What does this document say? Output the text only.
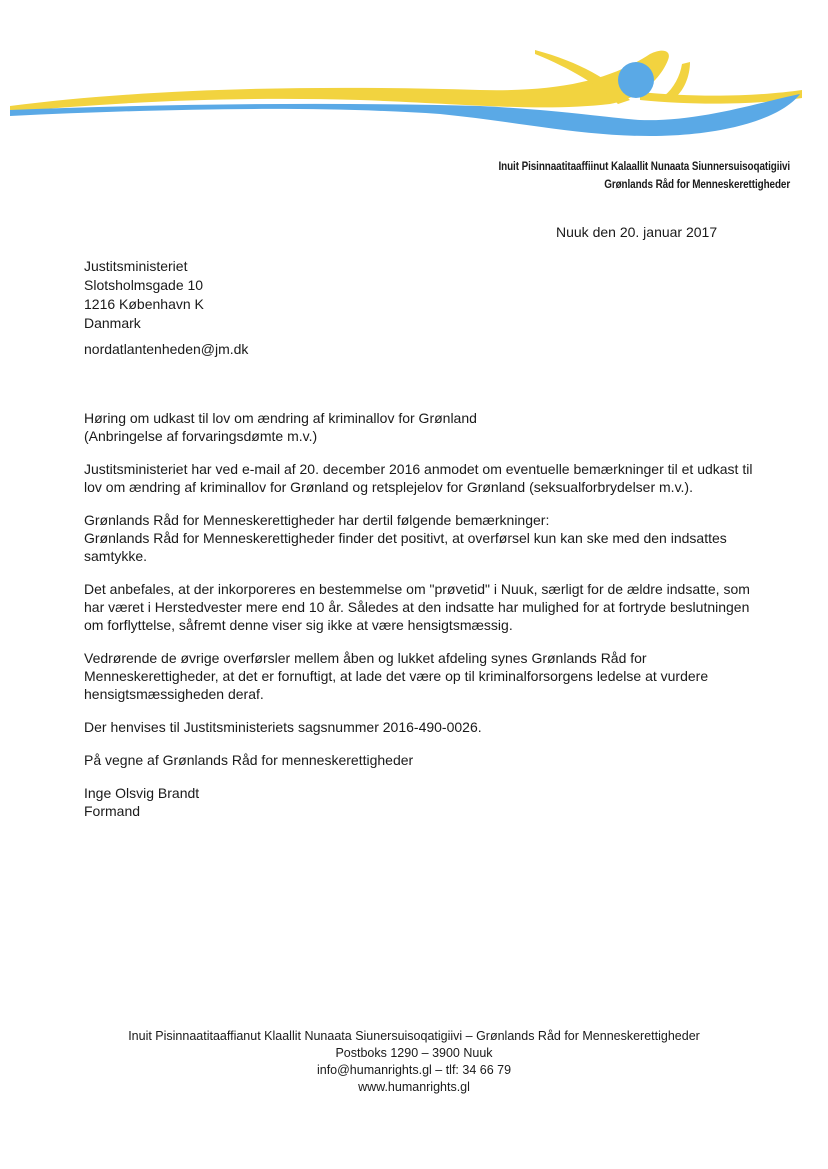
Inuit Pisinnaatitaaffiinut Kalaallit Nunaata Siunnersuisoqatigiivi
Grønlands Råd for Menneskerettigheder
Nuuk den 20. januar 2017
Justitsministeriet
Slotsholmsgade 10
1216 København K
Danmark
nordatlantenheden@jm.dk

Høring om udkast til lov om ændring af kriminallov for Grønland
(Anbringelse af forvaringsdømte m.v.)

Justitsministeriet har ved e-mail af 20. december 2016 anmodet om eventuelle bemærkninger til et udkast til lov om ændring af kriminallov for Grønland og retsplejelov for Grønland (seksualforbrydelser m.v.).

Grønlands Råd for Menneskerettigheder har dertil følgende bemærkninger:
Grønlands Råd for Menneskerettigheder finder det positivt, at overførsel kun kan ske med den indsattes samtykke.

Det anbefales, at der inkorporeres en bestemmelse om "prøvetid" i Nuuk, særligt for de ældre indsatte, som har været i Herstedvester mere end 10 år. Således at den indsatte har mulighed for at fortryde beslutningen om forflyttelse, såfremt denne viser sig ikke at være hensigtsmæssig.

Vedrørende de øvrige overførsler mellem åben og lukket afdeling synes Grønlands Råd for Menneskerettigheder, at det er fornuftigt, at lade det være op til kriminalforsorgens ledelse at vurdere hensigtsmæssigheden deraf.

Der henvises til Justitsministeriets sagsnummer 2016-490-0026.

På vegne af Grønlands Råd for menneskerettigheder

Inge Olsvig Brandt
Formand

Inuit Pisinnaatitaaffianut Klaallit Nunaata Siunersuisoqatigiivi – Grønlands Råd for Menneskerettigheder
Postboks 1290 – 3900 Nuuk
info@humanrights.gl – tlf: 34 66 79
www.humanrights.gl
